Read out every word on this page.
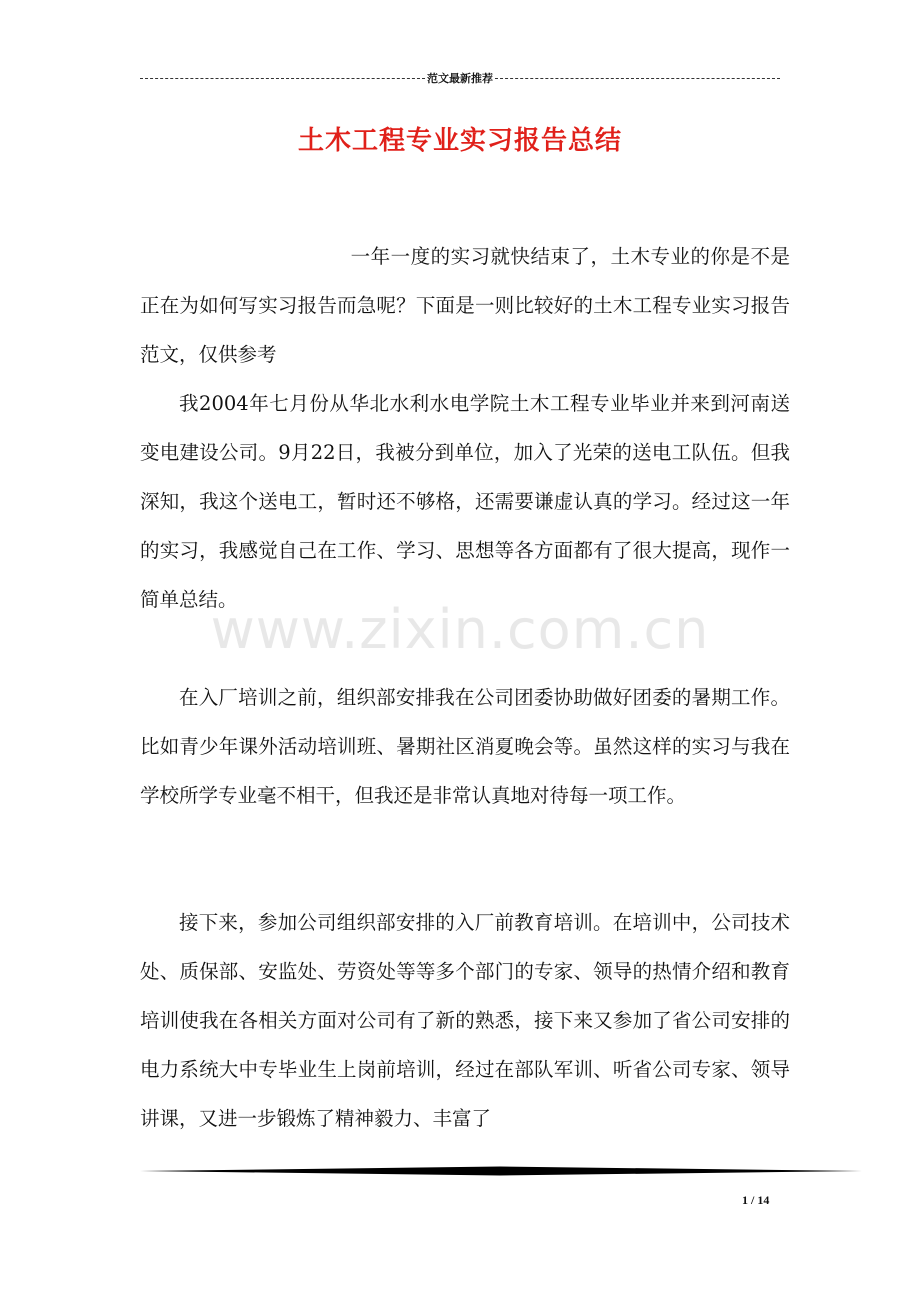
范文最新推荐
土木工程专业实习报告总结

一年一度的实习就快结束了，土木专业的你是不是正在为如何写实习报告而急呢？下面是一则比较好的土木工程专业实习报告范文，仅供参考

我2004年七月份从华北水利水电学院土木工程专业毕业并来到河南送变电建设公司。9月22日，我被分到单位，加入了光荣的送电工队伍。但我深知，我这个送电工，暂时还不够格，还需要谦虚认真的学习。经过这一年的实习，我感觉自己在工作、学习、思想等各方面都有了很大提高，现作一简单总结。

在入厂培训之前，组织部安排我在公司团委协助做好团委的暑期工作。比如青少年课外活动培训班、暑期社区消夏晚会等。虽然这样的实习与我在学校所学专业毫不相干，但我还是非常认真地对待每一项工作。

接下来，参加公司组织部安排的入厂前教育培训。在培训中，公司技术处、质保部、安监处、劳资处等等多个部门的专家、领导的热情介绍和教育培训使我在各相关方面对公司有了新的熟悉，接下来又参加了省公司安排的电力系统大中专毕业生上岗前培训，经过在部队军训、听省公司专家、领导讲课，又进一步锻炼了精神毅力、丰富了

www.zixin.com.cn
1 / 14
